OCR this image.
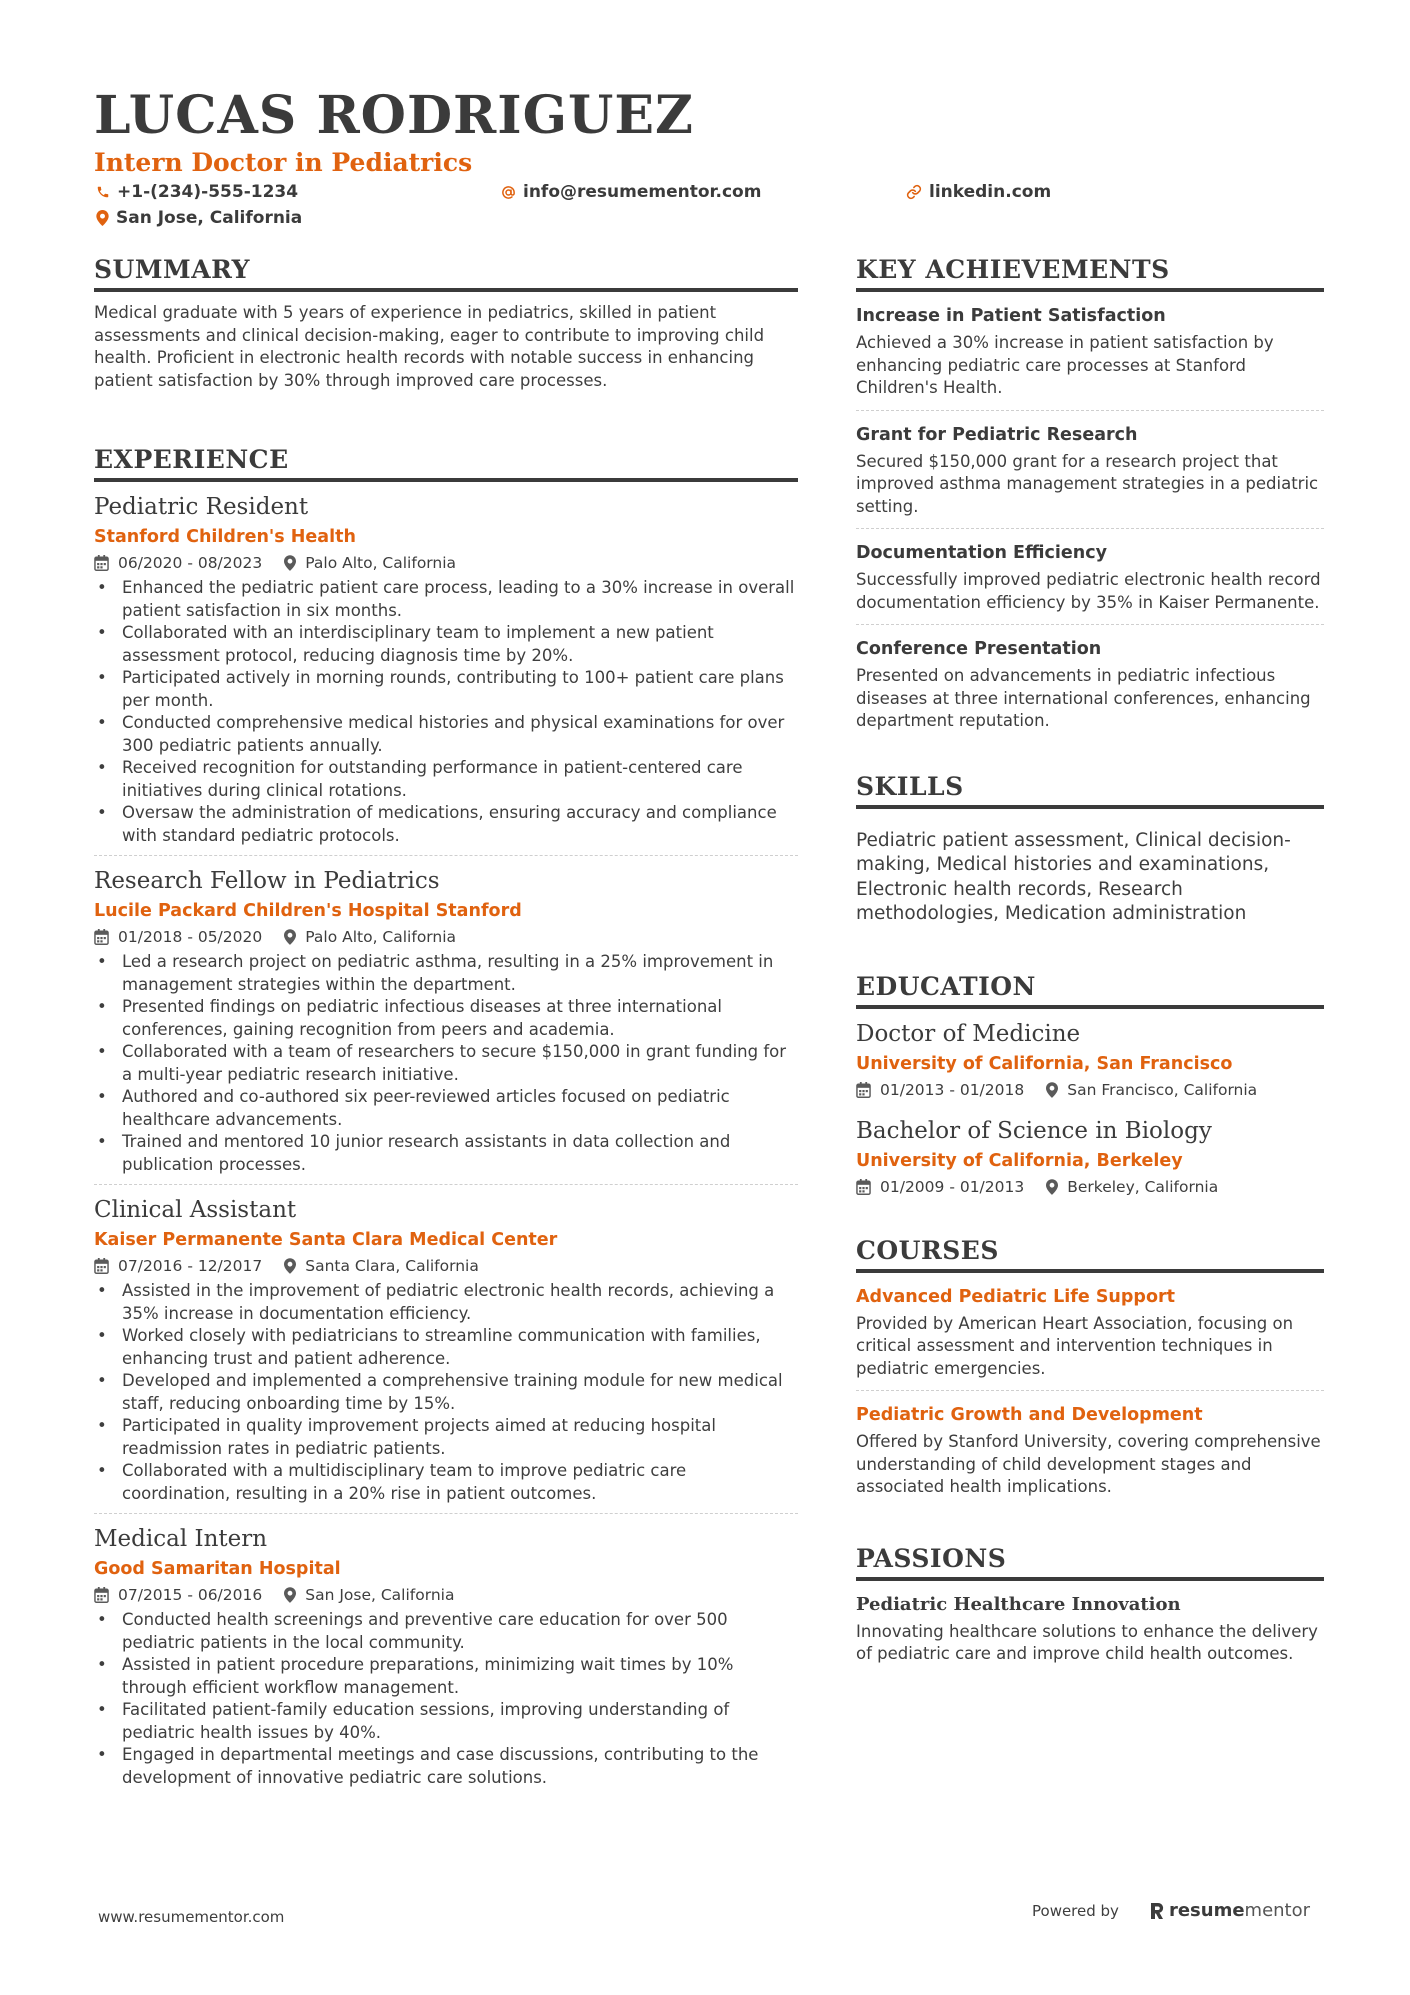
LUCAS RODRIGUEZ
Intern Doctor in Pediatrics
+1-(234)-555-1234	info@resumementor.com	linkedin.com
San Jose, California
SUMMARY
Medical graduate with 5 years of experience in pediatrics, skilled in patient assessments and clinical decision-making, eager to contribute to improving child health. Proficient in electronic health records with notable success in enhancing patient satisfaction by 30% through improved care processes.
EXPERIENCE
Pediatric Resident
Stanford Children's Health
06/2020 - 08/2023	Palo Alto, California
• Enhanced the pediatric patient care process, leading to a 30% increase in overall patient satisfaction in six months.
• Collaborated with an interdisciplinary team to implement a new patient assessment protocol, reducing diagnosis time by 20%.
• Participated actively in morning rounds, contributing to 100+ patient care plans per month.
• Conducted comprehensive medical histories and physical examinations for over 300 pediatric patients annually.
• Received recognition for outstanding performance in patient-centered care initiatives during clinical rotations.
• Oversaw the administration of medications, ensuring accuracy and compliance with standard pediatric protocols.
Research Fellow in Pediatrics
Lucile Packard Children's Hospital Stanford
01/2018 - 05/2020	Palo Alto, California
• Led a research project on pediatric asthma, resulting in a 25% improvement in management strategies within the department.
• Presented findings on pediatric infectious diseases at three international conferences, gaining recognition from peers and academia.
• Collaborated with a team of researchers to secure $150,000 in grant funding for a multi-year pediatric research initiative.
• Authored and co-authored six peer-reviewed articles focused on pediatric healthcare advancements.
• Trained and mentored 10 junior research assistants in data collection and publication processes.
Clinical Assistant
Kaiser Permanente Santa Clara Medical Center
07/2016 - 12/2017	Santa Clara, California
• Assisted in the improvement of pediatric electronic health records, achieving a 35% increase in documentation efficiency.
• Worked closely with pediatricians to streamline communication with families, enhancing trust and patient adherence.
• Developed and implemented a comprehensive training module for new medical staff, reducing onboarding time by 15%.
• Participated in quality improvement projects aimed at reducing hospital readmission rates in pediatric patients.
• Collaborated with a multidisciplinary team to improve pediatric care coordination, resulting in a 20% rise in patient outcomes.
Medical Intern
Good Samaritan Hospital
07/2015 - 06/2016	San Jose, California
• Conducted health screenings and preventive care education for over 500 pediatric patients in the local community.
• Assisted in patient procedure preparations, minimizing wait times by 10% through efficient workflow management.
• Facilitated patient-family education sessions, improving understanding of pediatric health issues by 40%.
• Engaged in departmental meetings and case discussions, contributing to the development of innovative pediatric care solutions.
KEY ACHIEVEMENTS
Increase in Patient Satisfaction
Achieved a 30% increase in patient satisfaction by enhancing pediatric care processes at Stanford Children's Health.
Grant for Pediatric Research
Secured $150,000 grant for a research project that improved asthma management strategies in a pediatric setting.
Documentation Efficiency
Successfully improved pediatric electronic health record documentation efficiency by 35% in Kaiser Permanente.
Conference Presentation
Presented on advancements in pediatric infectious diseases at three international conferences, enhancing department reputation.
SKILLS
Pediatric patient assessment, Clinical decision-making, Medical histories and examinations, Electronic health records, Research methodologies, Medication administration
EDUCATION
Doctor of Medicine
University of California, San Francisco
01/2013 - 01/2018	San Francisco, California
Bachelor of Science in Biology
University of California, Berkeley
01/2009 - 01/2013	Berkeley, California
COURSES
Advanced Pediatric Life Support
Provided by American Heart Association, focusing on critical assessment and intervention techniques in pediatric emergencies.
Pediatric Growth and Development
Offered by Stanford University, covering comprehensive understanding of child development stages and associated health implications.
PASSIONS
Pediatric Healthcare Innovation
Innovating healthcare solutions to enhance the delivery of pediatric care and improve child health outcomes.
www.resumementor.com	Powered by	resume mentor
